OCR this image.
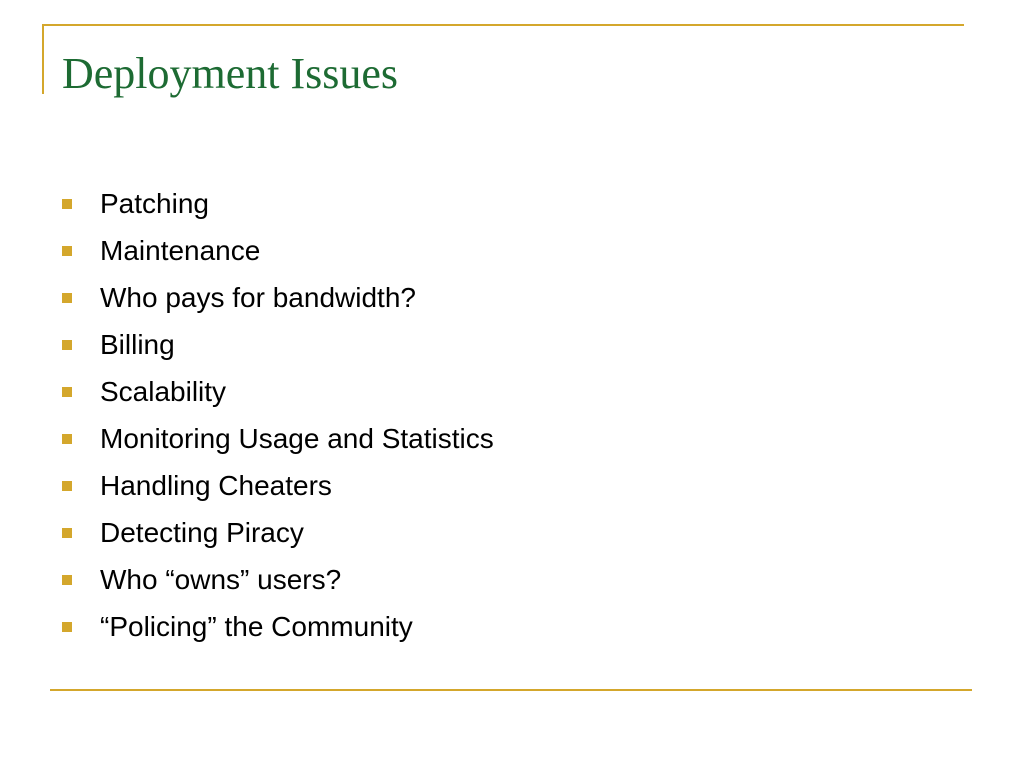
Deployment Issues
Patching
Maintenance
Who pays for bandwidth?
Billing
Scalability
Monitoring Usage and Statistics
Handling Cheaters
Detecting Piracy
Who “owns” users?
“Policing” the Community
